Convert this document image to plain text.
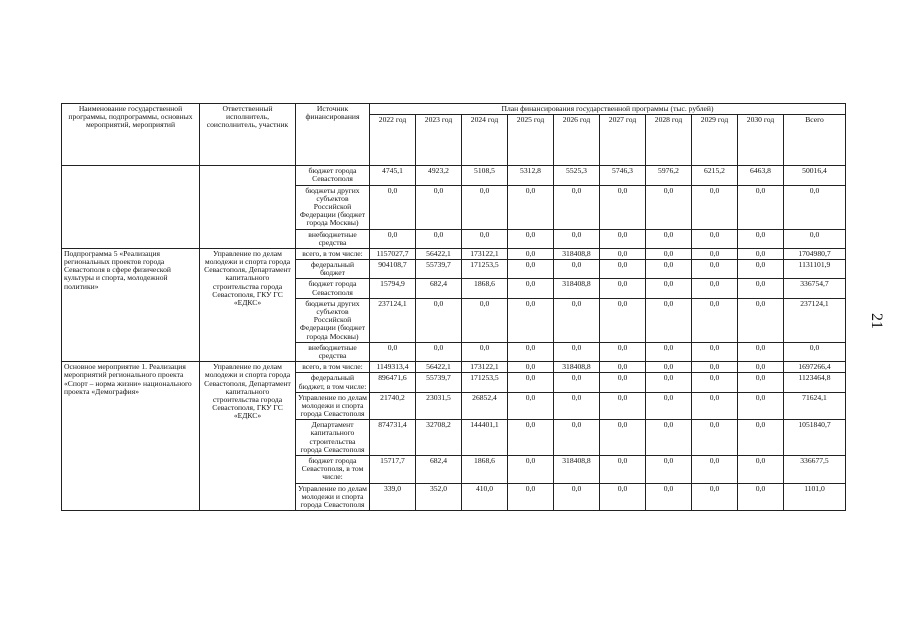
21
Наименование государственной программы, подпрограммы, основных мероприятий, мероприятий	Ответственный исполнитель, соисполнитель, участник	Источник финансирования	План финансирования государственной программы (тыс. рублей)									
			2022 год	2023 год	2024 год	2025 год	2026 год	2027 год	2028 год	2029 год	2030 год	Всего
		бюджет города Севастополя	4745,1	4923,2	5108,5	5312,8	5525,3	5746,3	5976,2	6215,2	6463,8	50016,4
		бюджеты других субъектов Российской Федерации (бюджет города Москвы)	0,0	0,0	0,0	0,0	0,0	0,0	0,0	0,0	0,0	0,0
		внебюджетные средства	0,0	0,0	0,0	0,0	0,0	0,0	0,0	0,0	0,0	0,0
Подпрограмма 5 «Реализация региональных проектов города Севастополя в сфере физической культуры и спорта, молодежной политики»	Управление по делам молодежи и спорта города Севастополя, Департамент капитального строительства города Севастополя, ГКУ ГС «ЕДКС»	всего, в том числе:	1157027,7	56422,1	173122,1	0,0	318408,8	0,0	0,0	0,0	0,0	1704980,7
		федеральный бюджет	904108,7	55739,7	171253,5	0,0	0,0	0,0	0,0	0,0	0,0	1131101,9
		бюджет города Севастополя	15794,9	682,4	1868,6	0,0	318408,8	0,0	0,0	0,0	0,0	336754,7
		бюджеты других субъектов Российской Федерации (бюджет города Москвы)	237124,1	0,0	0,0	0,0	0,0	0,0	0,0	0,0	0,0	237124,1
		внебюджетные средства	0,0	0,0	0,0	0,0	0,0	0,0	0,0	0,0	0,0	0,0
Основное мероприятие 1. Реализация мероприятий регионального проекта «Спорт – норма жизни» национального проекта «Демография»	Управление по делам молодежи и спорта города Севастополя, Департамент капитального строительства города Севастополя, ГКУ ГС «ЕДКС»	всего, в том числе:	1149313,4	56422,1	173122,1	0,0	318408,8	0,0	0,0	0,0	0,0	1697266,4
		федеральный бюджет, в том числе:	896471,6	55739,7	171253,5	0,0	0,0	0,0	0,0	0,0	0,0	1123464,8
		Управление по делам молодежи и спорта города Севастополя	21740,2	23031,5	26852,4	0,0	0,0	0,0	0,0	0,0	0,0	71624,1
		Департамент капитального строительства города Севастополя	874731,4	32708,2	144401,1	0,0	0,0	0,0	0,0	0,0	0,0	1051840,7
		бюджет города Севастополя, в том числе:	15717,7	682,4	1868,6	0,0	318408,8	0,0	0,0	0,0	0,0	336677,5
		Управление по делам молодежи и спорта города Севастополя	339,0	352,0	410,0	0,0	0,0	0,0	0,0	0,0	0,0	1101,0
